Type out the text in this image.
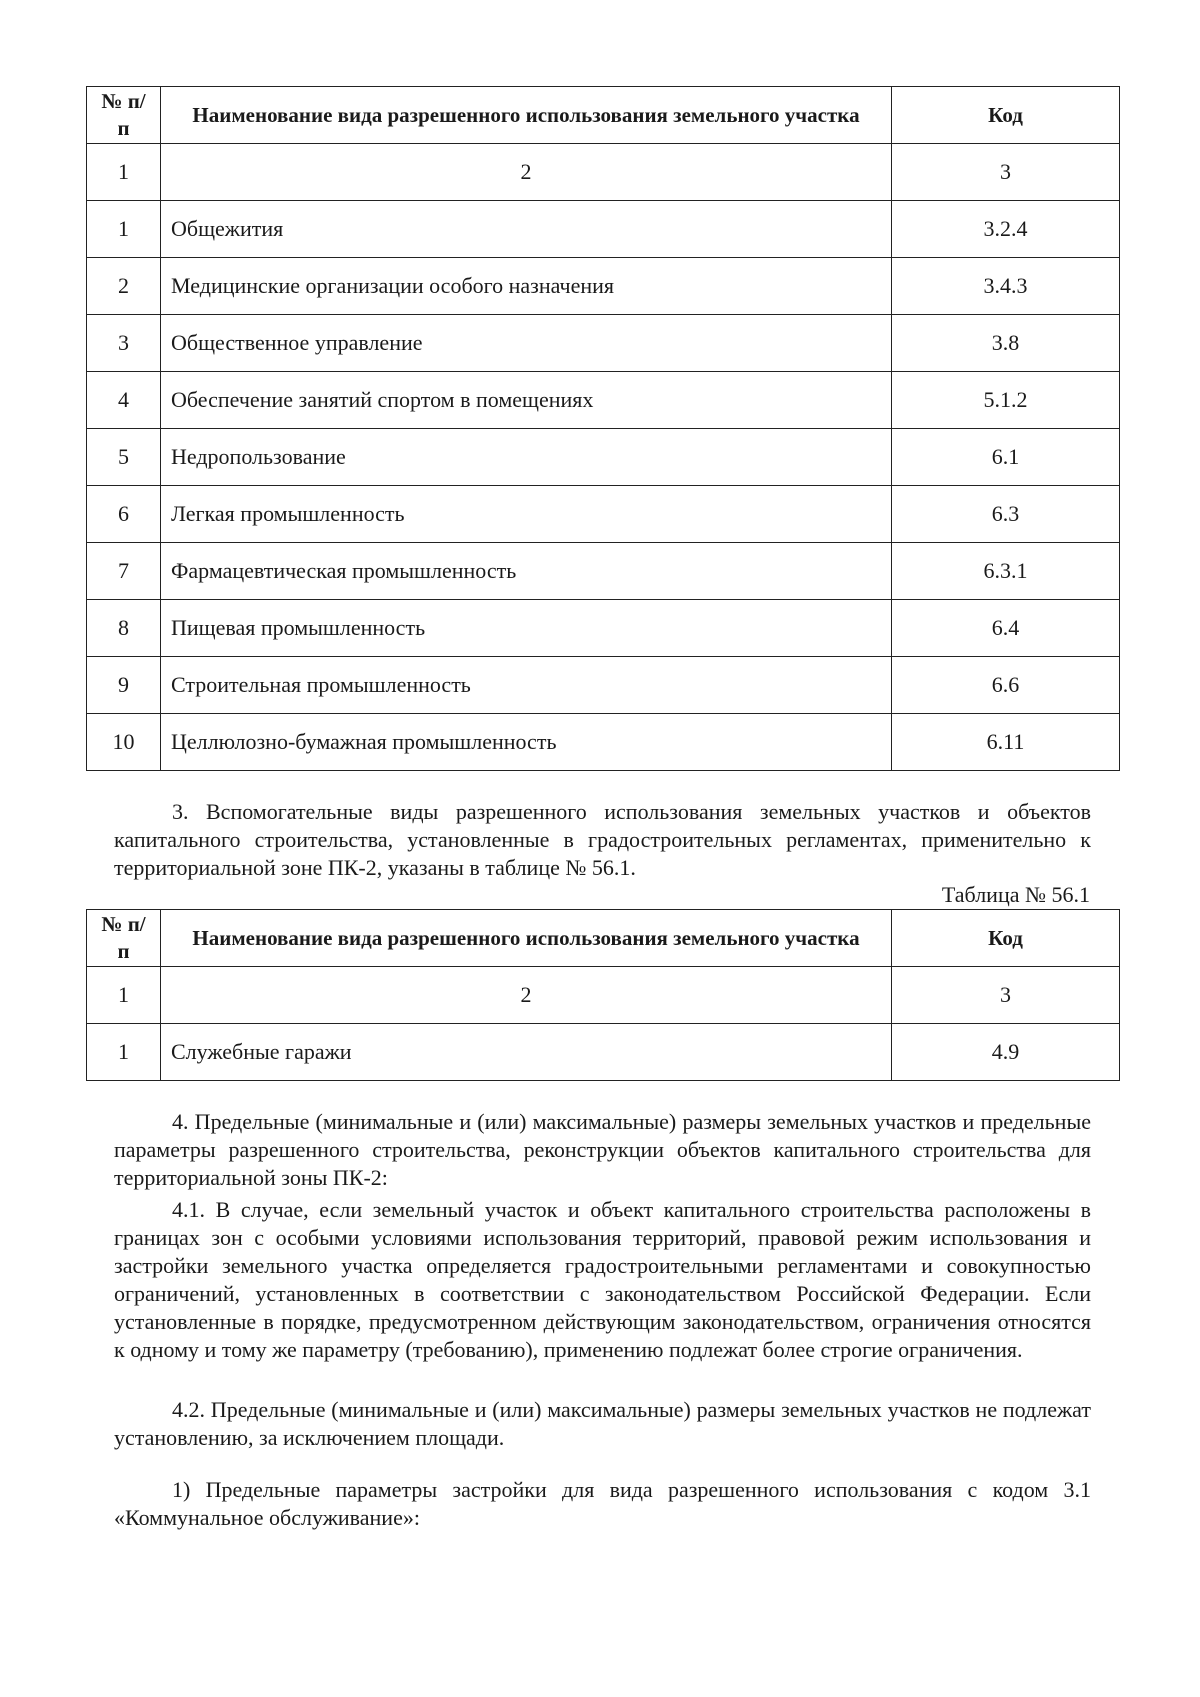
№ п/п	Наименование вида разрешенного использования земельного участка	Код
1	2	3
1	Общежития	3.2.4
2	Медицинские организации особого назначения	3.4.3
3	Общественное управление	3.8
4	Обеспечение занятий спортом в помещениях	5.1.2
5	Недропользование	6.1
6	Легкая промышленность	6.3
7	Фармацевтическая промышленность	6.3.1
8	Пищевая промышленность	6.4
9	Строительная промышленность	6.6
10	Целлюлозно-бумажная промышленность	6.11

3. Вспомогательные виды разрешенного использования земельных участков и объектов капитального строительства, установленные в градостроительных регламентах, применительно к территориальной зоне ПК-2, указаны в таблице № 56.1.

Таблица № 56.1
№ п/п	Наименование вида разрешенного использования земельного участка	Код
1	2	3
1	Служебные гаражи	4.9

4. Предельные (минимальные и (или) максимальные) размеры земельных участков и предельные параметры разрешенного строительства, реконструкции объектов капитального строительства для территориальной зоны ПК-2:

4.1. В случае, если земельный участок и объект капитального строительства расположены в границах зон с особыми условиями использования территорий, правовой режим использования и застройки земельного участка определяется градостроительными регламентами и совокупностью ограничений, установленных в соответствии с законодательством Российской Федерации. Если установленные в порядке, предусмотренном действующим законодательством, ограничения относятся к одному и тому же параметру (требованию), применению подлежат более строгие ограничения.

4.2. Предельные (минимальные и (или) максимальные) размеры земельных участков не подлежат установлению, за исключением площади.

1) Предельные параметры застройки для вида разрешенного использования с кодом 3.1 «Коммунальное обслуживание»:
